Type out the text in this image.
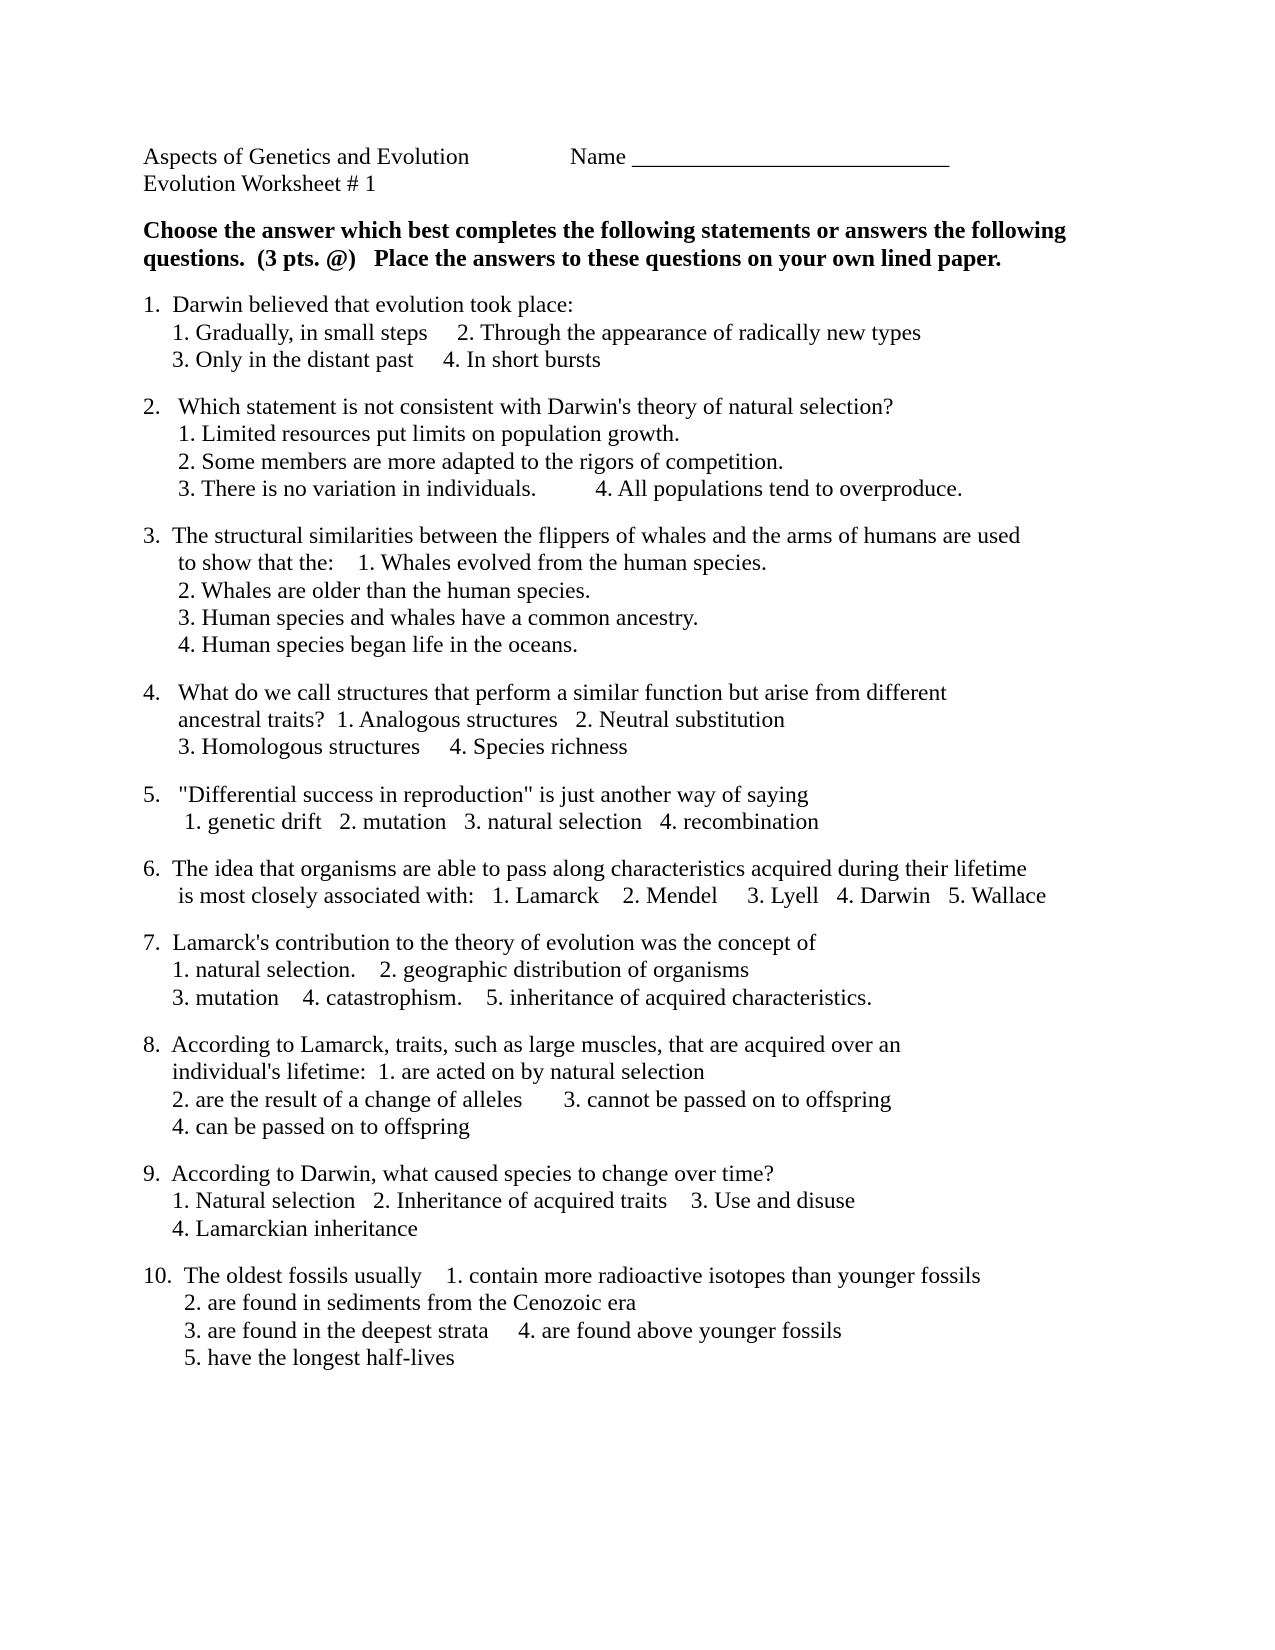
Aspects of Genetics and Evolution	Name ___________________________
Evolution Worksheet # 1
Choose the answer which best completes the following statements or answers the following
questions.  (3 pts. @)   Place the answers to these questions on your own lined paper.
1.  Darwin believed that evolution took place:
1. Gradually, in small steps     2. Through the appearance of radically new types
3. Only in the distant past     4. In short bursts
2.   Which statement is not consistent with Darwin's theory of natural selection?
1. Limited resources put limits on population growth.
2. Some members are more adapted to the rigors of competition.
3. There is no variation in individuals.          4. All populations tend to overproduce.
3.  The structural similarities between the flippers of whales and the arms of humans are used
to show that the:    1. Whales evolved from the human species.
2. Whales are older than the human species.
3. Human species and whales have a common ancestry.
4. Human species began life in the oceans.
4.   What do we call structures that perform a similar function but arise from different
ancestral traits?  1. Analogous structures   2. Neutral substitution
3. Homologous structures     4. Species richness
5.   "Differential success in reproduction" is just another way of saying
1. genetic drift   2. mutation   3. natural selection   4. recombination
6.  The idea that organisms are able to pass along characteristics acquired during their lifetime
is most closely associated with:   1. Lamarck    2. Mendel     3. Lyell   4. Darwin   5. Wallace
7.  Lamarck's contribution to the theory of evolution was the concept of
1. natural selection.    2. geographic distribution of organisms
3. mutation    4. catastrophism.    5. inheritance of acquired characteristics.
8.  According to Lamarck, traits, such as large muscles, that are acquired over an
individual's lifetime:  1. are acted on by natural selection
2. are the result of a change of alleles       3. cannot be passed on to offspring
4. can be passed on to offspring
9.  According to Darwin, what caused species to change over time?
1. Natural selection   2. Inheritance of acquired traits    3. Use and disuse
4. Lamarckian inheritance
10.  The oldest fossils usually    1. contain more radioactive isotopes than younger fossils
2. are found in sediments from the Cenozoic era
3. are found in the deepest strata     4. are found above younger fossils
5. have the longest half-lives
